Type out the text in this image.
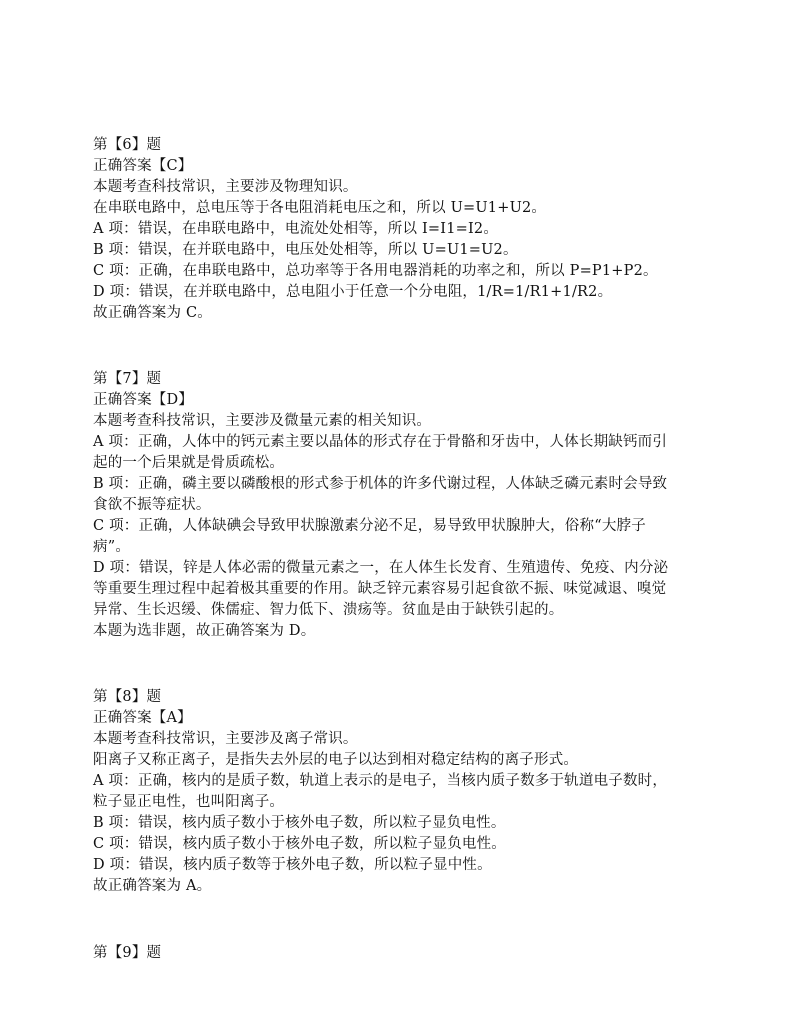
第【6】题
正确答案【C】
本题考查科技常识，主要涉及物理知识。
在串联电路中，总电压等于各电阻消耗电压之和，所以 U=U1+U2。
A 项：错误，在串联电路中，电流处处相等，所以 I=I1=I2。
B 项：错误，在并联电路中，电压处处相等，所以 U=U1=U2。
C 项：正确，在串联电路中，总功率等于各用电器消耗的功率之和，所以 P=P1+P2。
D 项：错误，在并联电路中，总电阻小于任意一个分电阻，1/R=1/R1+1/R2。
故正确答案为 C。
第【7】题
正确答案【D】
本题考查科技常识，主要涉及微量元素的相关知识。
A 项：正确，人体中的钙元素主要以晶体的形式存在于骨骼和牙齿中，人体长期缺钙而引
起的一个后果就是骨质疏松。
B 项：正确，磷主要以磷酸根的形式参于机体的许多代谢过程，人体缺乏磷元素时会导致
食欲不振等症状。
C 项：正确，人体缺碘会导致甲状腺激素分泌不足，易导致甲状腺肿大，俗称“大脖子
病”。
D 项：错误，锌是人体必需的微量元素之一，在人体生长发育、生殖遗传、免疫、内分泌
等重要生理过程中起着极其重要的作用。缺乏锌元素容易引起食欲不振、味觉减退、嗅觉
异常、生长迟缓、侏儒症、智力低下、溃疡等。贫血是由于缺铁引起的。
本题为选非题，故正确答案为 D。
第【8】题
正确答案【A】
本题考查科技常识，主要涉及离子常识。
阳离子又称正离子，是指失去外层的电子以达到相对稳定结构的离子形式。
A 项：正确，核内的是质子数，轨道上表示的是电子，当核内质子数多于轨道电子数时，
粒子显正电性，也叫阳离子。
B 项：错误，核内质子数小于核外电子数，所以粒子显负电性。
C 项：错误，核内质子数小于核外电子数，所以粒子显负电性。
D 项：错误，核内质子数等于核外电子数，所以粒子显中性。
故正确答案为 A。
第【9】题
